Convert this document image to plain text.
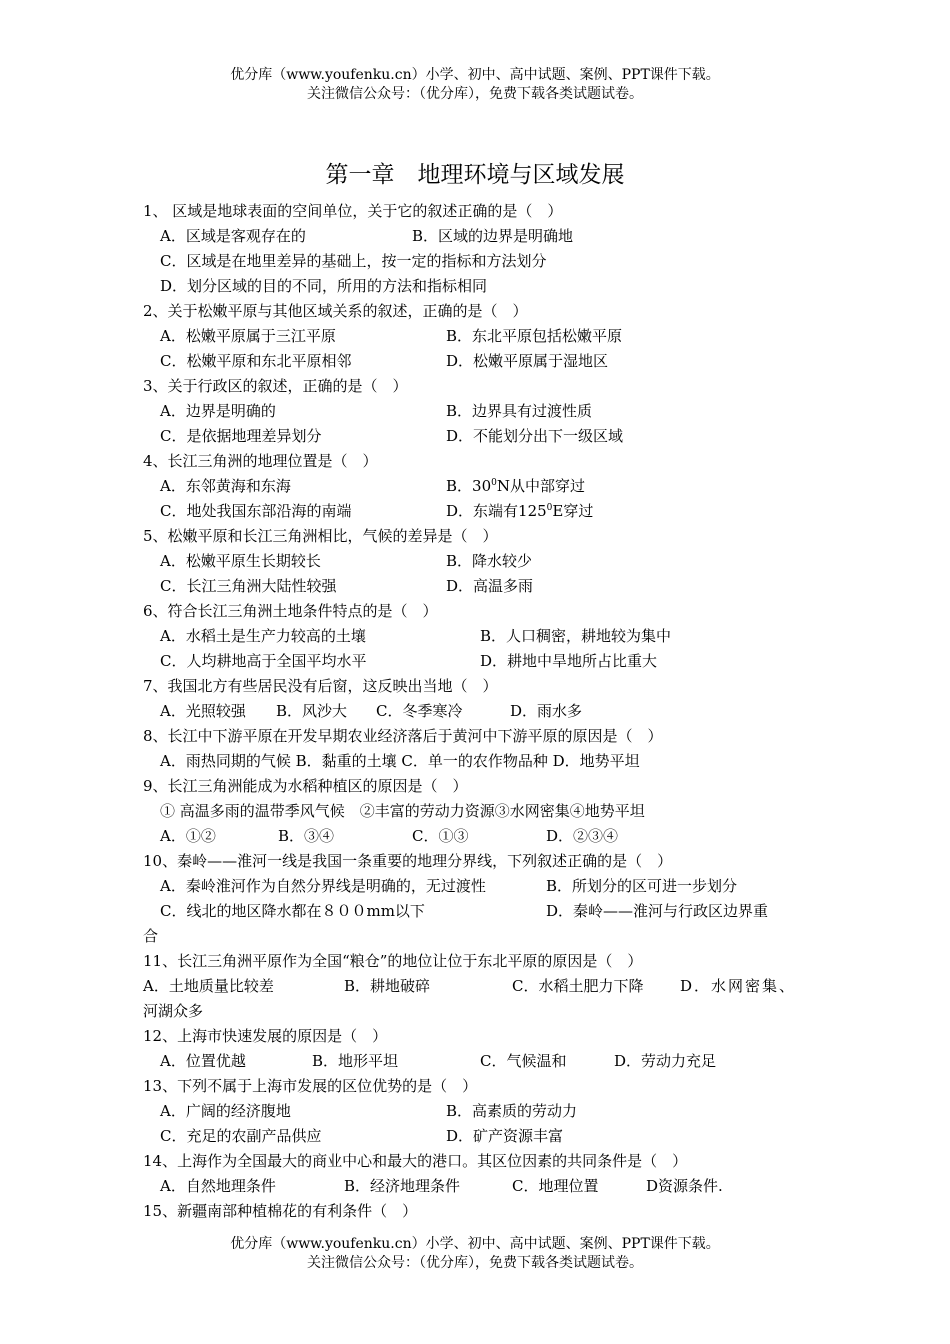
优分库（www.youfenku.cn）小学、初中、高中试题、案例、PPT课件下载。
关注微信公众号：（优分库），免费下载各类试题试卷。
第一章　地理环境与区域发展
1、 区域是地球表面的空间单位，关于它的叙述正确的是（　）
A．区域是客观存在的	B．区域的边界是明确地
C．区域是在地里差异的基础上，按一定的指标和方法划分
D．划分区域的目的不同，所用的方法和指标相同
2、关于松嫩平原与其他区域关系的叙述，正确的是（　）
A．松嫩平原属于三江平原	B．东北平原包括松嫩平原
C．松嫩平原和东北平原相邻	D．松嫩平原属于湿地区
3、关于行政区的叙述，正确的是（　）
A．边界是明确的	B．边界具有过渡性质
C．是依据地理差异划分	D．不能划分出下一级区域
4、长江三角洲的地理位置是（　）
A．东邻黄海和东海	B．$30^0N$从中部穿过
C．地处我国东部沿海的南端	D．东端有$125^0E$穿过
5、松嫩平原和长江三角洲相比，气候的差异是（　）
A．松嫩平原生长期较长	B．降水较少
C．长江三角洲大陆性较强	D．高温多雨
6、符合长江三角洲土地条件特点的是（　）
A．水稻土是生产力较高的土壤	B．人口稠密，耕地较为集中
C．人均耕地高于全国平均水平	D．耕地中旱地所占比重大
7、我国北方有些居民没有后窗，这反映出当地（　）
A．光照较强 B．风沙大 C．冬季寒冷	D．雨水多
8、长江中下游平原在开发早期农业经济落后于黄河中下游平原的原因是（　）
A．雨热同期的气候 B．黏重的土壤 C．单一的农作物品种 D．地势平坦
9、长江三角洲能成为水稻种植区的原因是（　）
① 高温多雨的温带季风气候　②丰富的劳动力资源③水网密集④地势平坦
A．①②	B．③④	C．①③	D．②③④
10、秦岭——淮河一线是我国一条重要的地理分界线，下列叙述正确的是（　）
A．秦岭淮河作为自然分界线是明确的，无过渡性	B．所划分的区可进一步划分
C．线北的地区降水都在８００mm以下	D．秦岭——淮河与行政区边界重
合
11、长江三角洲平原作为全国“粮仓”的地位让位于东北平原的原因是（　）
A．土地质量比较差	B．耕地破碎	C．水稻土肥力下降 D．水网密集、
河湖众多
12、上海市快速发展的原因是（　）
A．位置优越	B．地形平坦	C．气候温和	D．劳动力充足
13、下列不属于上海市发展的区位优势的是（　）
A．广阔的经济腹地	B．高素质的劳动力
C．充足的农副产品供应	D．矿产资源丰富
14、上海作为全国最大的商业中心和最大的港口。其区位因素的共同条件是（　）
A．自然地理条件	B．经济地理条件	C．地理位置	D资源条件.
15、新疆南部种植棉花的有利条件（　）
优分库（www.youfenku.cn）小学、初中、高中试题、案例、PPT课件下载。
关注微信公众号：（优分库），免费下载各类试题试卷。
